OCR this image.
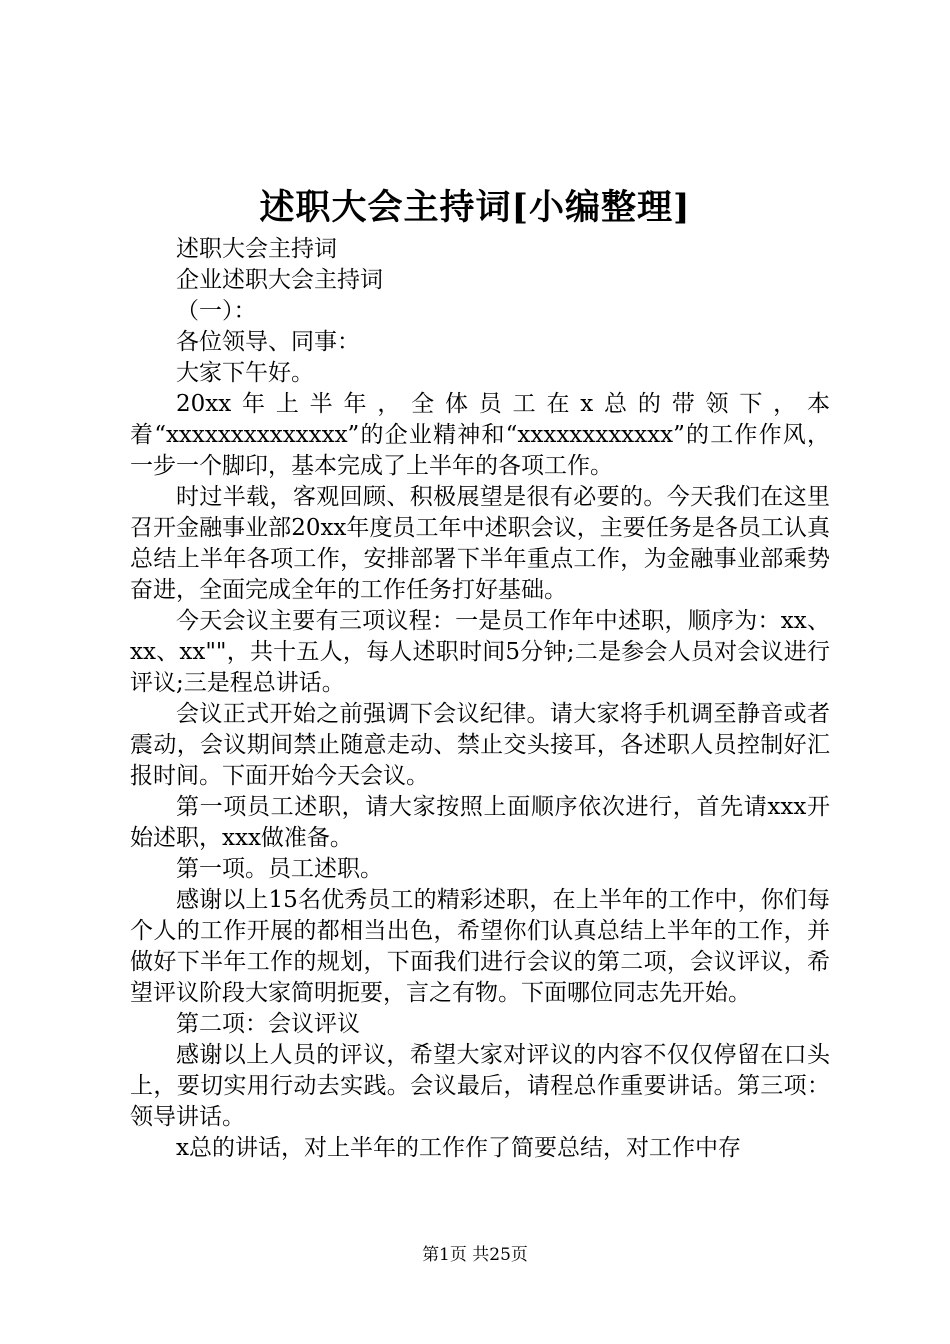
述职大会主持词[小编整理]

述职大会主持词

企业述职大会主持词

（一）：

各位领导、同事：

大家下午好。

20xx年上半年，全体员工在x总的带领下，本着“xxxxxxxxxxxxxx”的企业精神和“xxxxxxxxxxxx”的工作作风，一步一个脚印，基本完成了上半年的各项工作。

时过半载，客观回顾、积极展望是很有必要的。今天我们在这里召开金融事业部20xx年度员工年中述职会议，主要任务是各员工认真总结上半年各项工作，安排部署下半年重点工作，为金融事业部乘势奋进，全面完成全年的工作任务打好基础。

今天会议主要有三项议程：一是员工作年中述职，顺序为：xx、xx、xx""，共十五人，每人述职时间5分钟;二是参会人员对会议进行评议;三是程总讲话。

会议正式开始之前强调下会议纪律。请大家将手机调至静音或者震动，会议期间禁止随意走动、禁止交头接耳，各述职人员控制好汇报时间。下面开始今天会议。

第一项员工述职，请大家按照上面顺序依次进行，首先请xxx开始述职，xxx做准备。

第一项。员工述职。

感谢以上15名优秀员工的精彩述职，在上半年的工作中，你们每个人的工作开展的都相当出色，希望你们认真总结上半年的工作，并做好下半年工作的规划，下面我们进行会议的第二项，会议评议，希望评议阶段大家简明扼要，言之有物。下面哪位同志先开始。

第二项：会议评议

感谢以上人员的评议，希望大家对评议的内容不仅仅停留在口头上，要切实用行动去实践。会议最后，请程总作重要讲话。第三项：领导讲话。

x总的讲话，对上半年的工作作了简要总结，对工作中存

第1页 共25页
